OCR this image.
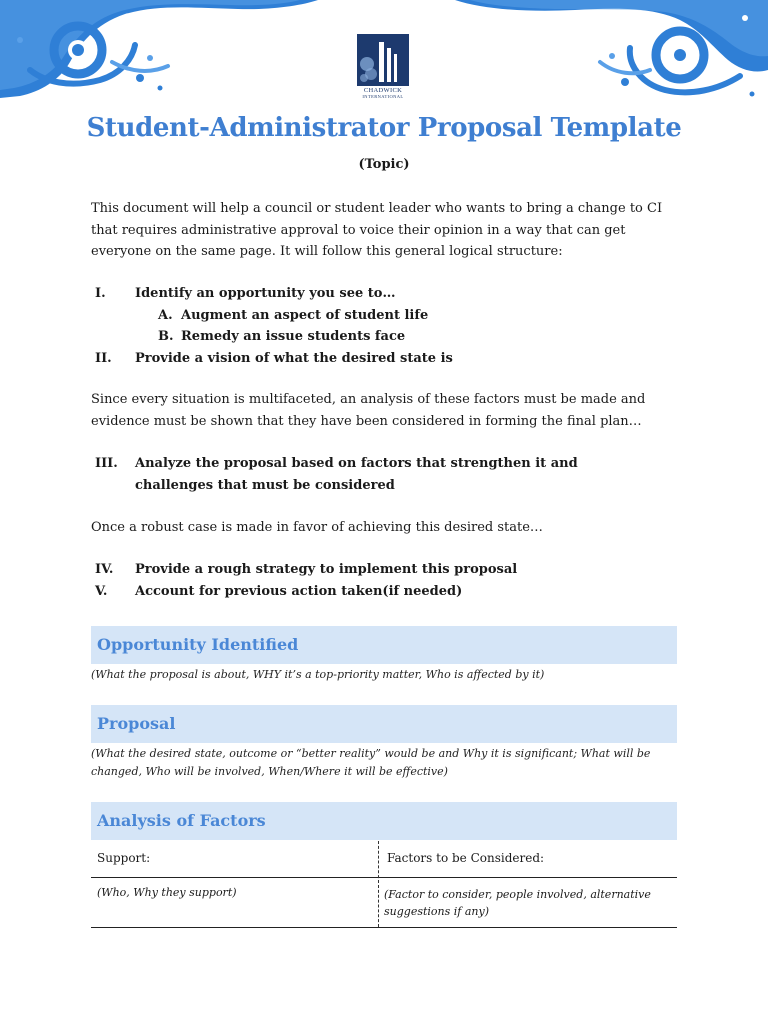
CHADWICK
INTERNATIONAL
Student-Administrator Proposal Template
(Topic)
This document will help a council or student leader who wants to bring a change to CI that requires administrative approval to voice their opinion in a way that can get everyone on the same page. It will follow this general logical structure:
I. Identify an opportunity you see to…
A. Augment an aspect of student life
B. Remedy an issue students face
II. Provide a vision of what the desired state is
Since every situation is multifaceted, an analysis of these factors must be made and evidence must be shown that they have been considered in forming the final plan…
III. Analyze the proposal based on factors that strengthen it and challenges that must be considered
Once a robust case is made in favor of achieving this desired state…
IV. Provide a rough strategy to implement this proposal
V. Account for previous action taken(if needed)
Opportunity Identified
(What the proposal is about, WHY it’s a top-priority matter, Who is affected by it)
Proposal
(What the desired state, outcome or “better reality” would be and Why it is significant; What will be changed, Who will be involved, When/Where it will be effective)
Analysis of Factors
Support:	Factors to be Considered:
(Who, Why they support)	(Factor to consider, people involved, alternative suggestions if any)
